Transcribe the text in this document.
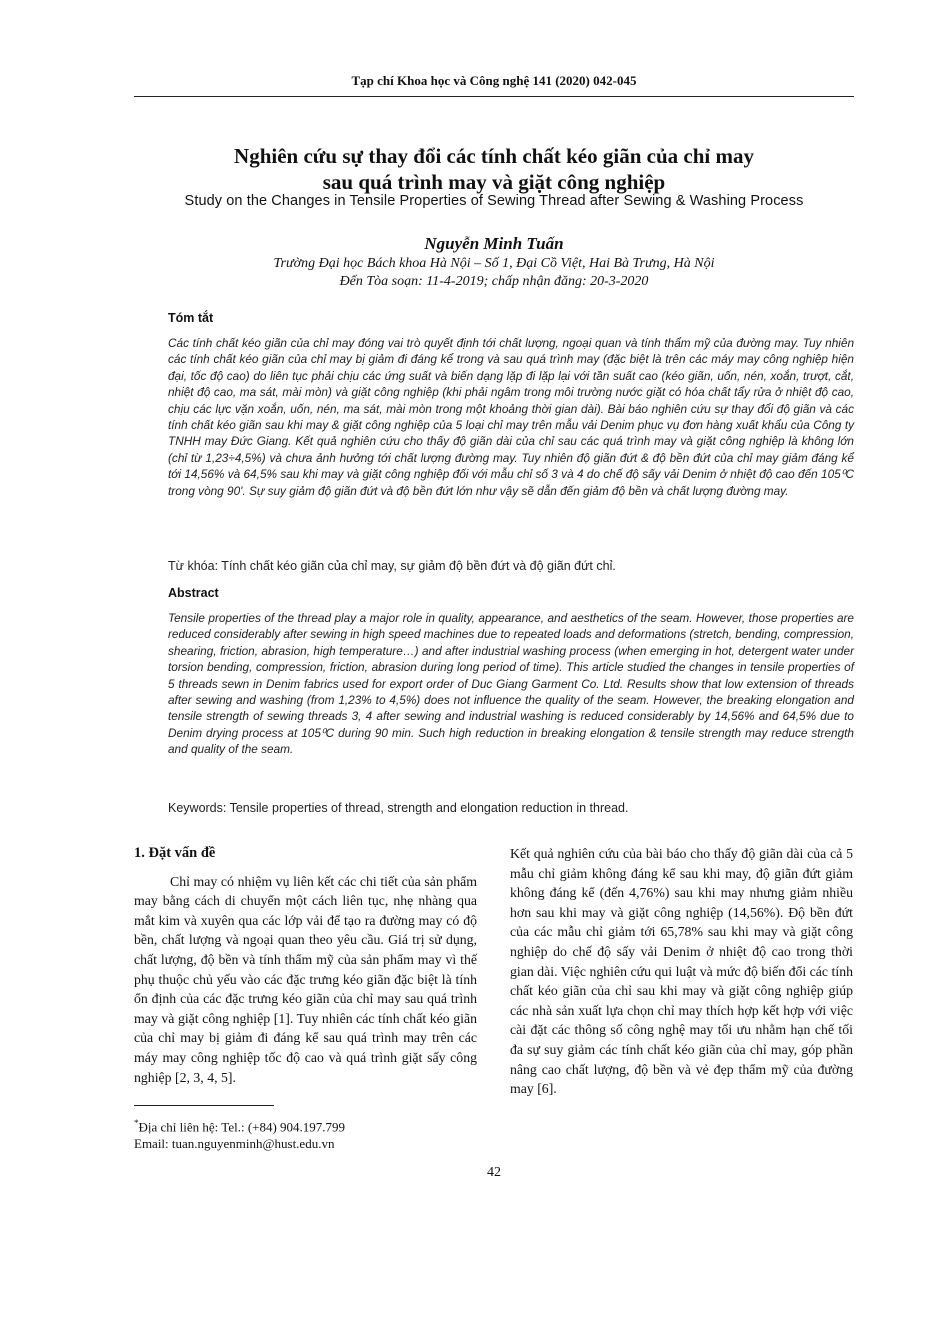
Tạp chí Khoa học và Công nghệ 141 (2020) 042-045
Nghiên cứu sự thay đổi các tính chất kéo giãn của chỉ may
sau quá trình may và giặt công nghiệp
Study on the Changes in Tensile Properties of Sewing Thread after Sewing & Washing Process
Nguyễn Minh Tuấn
Trường Đại học Bách khoa Hà Nội – Số 1, Đại Cồ Việt, Hai Bà Trưng, Hà Nội
Đến Tòa soạn: 11-4-2019; chấp nhận đăng: 20-3-2020
Tóm tắt
Các tính chất kéo giãn của chỉ may đóng vai trò quyết định tới chất lượng, ngoại quan và tính thẩm mỹ của đường may. Tuy nhiên các tính chất kéo giãn của chỉ may bị giảm đi đáng kể trong và sau quá trình may (đặc biệt là trên các máy may công nghiệp hiện đại, tốc độ cao) do liên tục phải chịu các ứng suất và biến dạng lặp đi lặp lại với tần suất cao (kéo giãn, uốn, nén, xoắn, trượt, cắt, nhiệt độ cao, ma sát, mài mòn) và giặt công nghiệp (khi phải ngâm trong môi trường nước giặt có hóa chất tẩy rửa ở nhiệt độ cao, chịu các lực vặn xoắn, uốn, nén, ma sát, mài mòn trong một khoảng thời gian dài). Bài báo nghiên cứu sự thay đổi độ giãn và các tính chất kéo giãn sau khi may & giặt công nghiệp của 5 loại chỉ may trên mẫu vải Denim phục vụ đơn hàng xuất khẩu của Công ty TNHH may Đức Giang. Kết quả nghiên cứu cho thấy độ giãn dài của chỉ sau các quá trình may và giặt công nghiệp là không lớn (chỉ từ 1,23÷4,5%) và chưa ảnh hưởng tới chất lượng đường may. Tuy nhiên độ giãn đứt & độ bền đứt của chỉ may giảm đáng kể tới 14,56% và 64,5% sau khi may và giặt công nghiệp đối với mẫu chỉ số 3 và 4 do chế độ sấy vải Denim ở nhiệt độ cao đến 105⁰C trong vòng 90'. Sự suy giảm độ giãn đứt và độ bền đứt lớn như vậy sẽ dẫn đến giảm độ bền và chất lượng đường may.
Từ khóa: Tính chất kéo giãn của chỉ may, sự giảm độ bền đứt và độ giãn đứt chỉ.
Abstract
Tensile properties of the thread play a major role in quality, appearance, and aesthetics of the seam. However, those properties are reduced considerably after sewing in high speed machines due to repeated loads and deformations (stretch, bending, compression, shearing, friction, abrasion, high temperature…) and after industrial washing process (when emerging in hot, detergent water under torsion bending, compression, friction, abrasion during long period of time). This article studied the changes in tensile properties of 5 threads sewn in Denim fabrics used for export order of Duc Giang Garment Co. Ltd. Results show that low extension of threads after sewing and washing (from 1,23% to 4,5%) does not influence the quality of the seam. However, the breaking elongation and tensile strength of sewing threads 3, 4 after sewing and industrial washing is reduced considerably by 14,56% and 64,5% due to Denim drying process at 105⁰C during 90 min. Such high reduction in breaking elongation & tensile strength may reduce strength and quality of the seam.
Keywords: Tensile properties of thread, strength and elongation reduction in thread.
1. Đặt vấn đề

Chỉ may có nhiệm vụ liên kết các chi tiết của sản phẩm may bằng cách di chuyển một cách liên tục, nhẹ nhàng qua mắt kim và xuyên qua các lớp vải để tạo ra đường may có độ bền, chất lượng và ngoại quan theo yêu cầu. Giá trị sử dụng, chất lượng, độ bền và tính thẩm mỹ của sản phẩm may vì thế phụ thuộc chủ yếu vào các đặc trưng kéo giãn đặc biệt là tính ổn định của các đặc trưng kéo giãn của chỉ may sau quá trình may và giặt công nghiệp [1]. Tuy nhiên các tính chất kéo giãn của chỉ may bị giảm đi đáng kể sau quá trình may trên các máy may công nghiệp tốc độ cao và quá trình giặt sấy công nghiệp [2, 3, 4, 5].

Kết quả nghiên cứu của bài báo cho thấy độ giãn dài của cả 5 mẫu chỉ giảm không đáng kể sau khi may, độ giãn đứt giảm không đáng kể (đến 4,76%) sau khi may nhưng giảm nhiều hơn sau khi may và giặt công nghiệp (14,56%). Độ bền đứt của các mẫu chỉ giảm tới 65,78% sau khi may và giặt công nghiệp do chế độ sấy vải Denim ở nhiệt độ cao trong thời gian dài. Việc nghiên cứu qui luật và mức độ biến đổi các tính chất kéo giãn của chỉ sau khi may và giặt công nghiệp giúp các nhà sản xuất lựa chọn chỉ may thích hợp kết hợp với việc cài đặt các thông số công nghệ may tối ưu nhằm hạn chế tối đa sự suy giảm các tính chất kéo giãn của chỉ may, góp phần nâng cao chất lượng, độ bền và vẻ đẹp thẩm mỹ của đường may [6].

*Địa chỉ liên hệ: Tel.: (+84) 904.197.799
Email: tuan.nguyenminh@hust.edu.vn
42
